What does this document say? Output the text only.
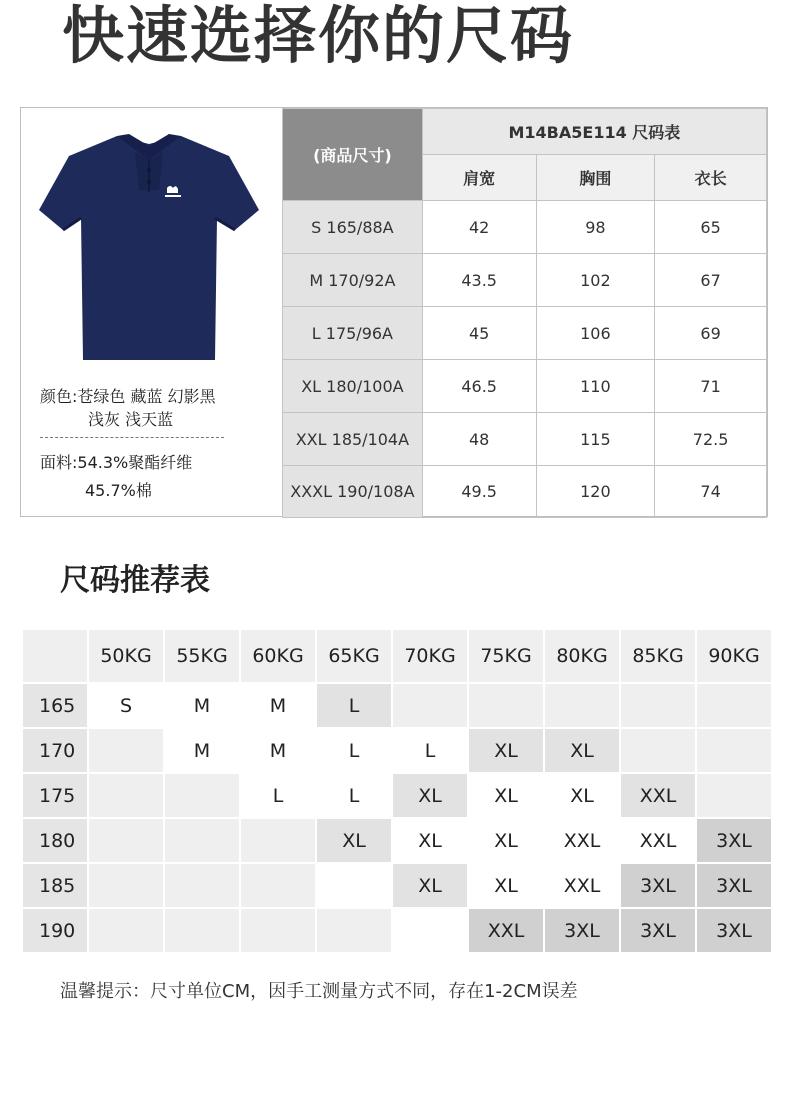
快速选择你的尺码
颜色:苍绿色 藏蓝 幻影黑
浅灰 浅天蓝
面料:54.3%聚酯纤维
45.7%棉
(商品尺寸)	M14BA5E114 尺码表		
	肩宽	胸围	衣长
S 165/88A	42	98	65
M 170/92A	43.5	102	67
L 175/96A	45	106	69
XL 180/100A	46.5	110	71
XXL 185/104A	48	115	72.5
XXXL 190/108A	49.5	120	74
尺码推荐表
	50KG	55KG	60KG	65KG	70KG	75KG	80KG	85KG	90KG
165	S	M	M	L					
170		M	M	L	L	XL	XL		
175			L	L	XL	XL	XL	XXL	
180				XL	XL	XL	XXL	XXL	3XL
185					XL	XL	XXL	3XL	3XL
190						XXL	3XL	3XL	3XL
温馨提示：尺寸单位CM，因手工测量方式不同，存在1-2CM误差
